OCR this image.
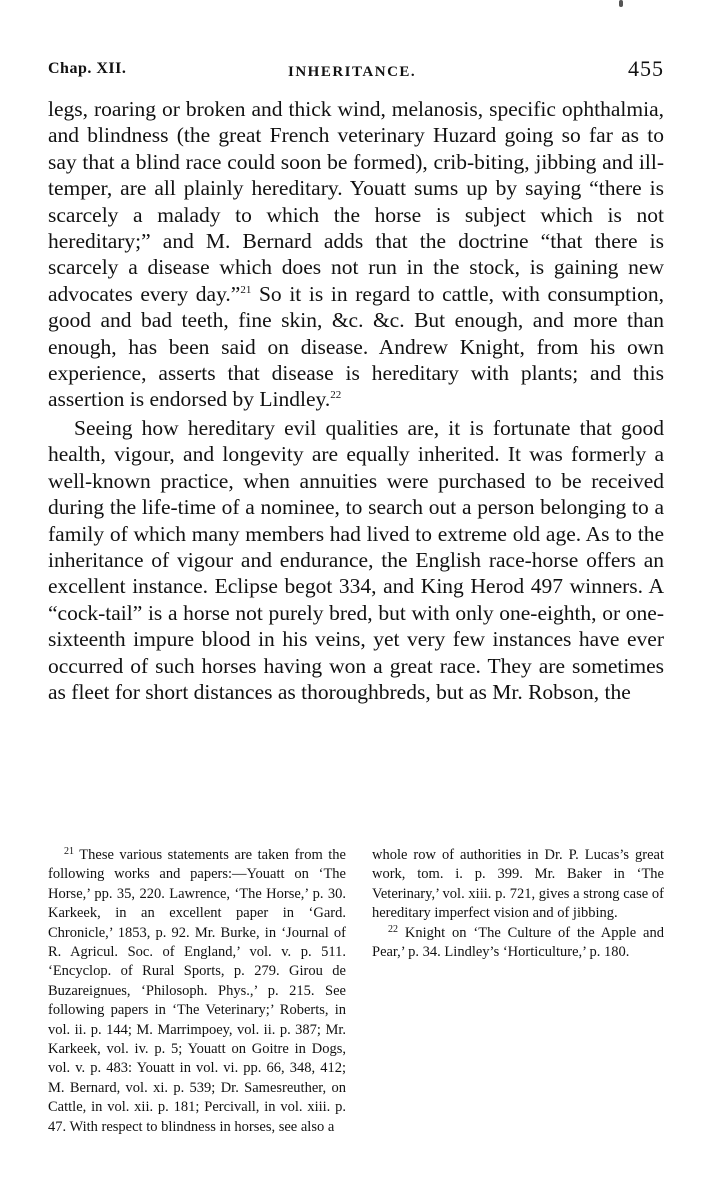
Chap. XII.	INHERITANCE.	455

legs, roaring or broken and thick wind, melanosis, specific ophthalmia, and blindness (the great French veterinary Huzard going so far as to say that a blind race could soon be formed), crib-biting, jibbing and ill-temper, are all plainly hereditary. Youatt sums up by saying “there is scarcely a malady to which the horse is subject which is not hereditary;” and M. Bernard adds that the doctrine “that there is scarcely a disease which does not run in the stock, is gaining new advocates every day.”$^{21}$ So it is in regard to cattle, with consumption, good and bad teeth, fine skin, &c. &c. But enough, and more than enough, has been said on disease. Andrew Knight, from his own experience, asserts that disease is hereditary with plants; and this assertion is endorsed by Lindley.$^{22}$

Seeing how hereditary evil qualities are, it is fortunate that good health, vigour, and longevity are equally inherited. It was formerly a well-known practice, when annuities were purchased to be received during the life-time of a nominee, to search out a person belonging to a family of which many members had lived to extreme old age. As to the inheritance of vigour and endurance, the English race-horse offers an excellent instance. Eclipse begot 334, and King Herod 497 winners. A “cock-tail” is a horse not purely bred, but with only one-eighth, or one-sixteenth impure blood in his veins, yet very few instances have ever occurred of such horses having won a great race. They are sometimes as fleet for short distances as thoroughbreds, but as Mr. Robson, the

$^{21}$ These various statements are taken from the following works and papers:—Youatt on ‘The Horse,’ pp. 35, 220. Lawrence, ‘The Horse,’ p. 30. Karkeek, in an excellent paper in ‘Gard. Chronicle,’ 1853, p. 92. Mr. Burke, in ‘Journal of R. Agricul. Soc. of England,’ vol. v. p. 511. ‘Encyclop. of Rural Sports, p. 279. Girou de Buzareignues, ‘Philosoph. Phys.,’ p. 215. See following papers in ‘The Veterinary;’ Roberts, in vol. ii. p. 144; M. Marrimpoey, vol. ii. p. 387; Mr. Karkeek, vol. iv. p. 5; Youatt on Goitre in Dogs, vol. v. p. 483: Youatt in vol. vi. pp. 66, 348, 412; M. Bernard, vol. xi. p. 539; Dr. Samesreuther, on Cattle, in vol. xii. p. 181; Percivall, in vol. xiii. p. 47. With respect to blindness in horses, see also a

whole row of authorities in Dr. P. Lucas’s great work, tom. i. p. 399. Mr. Baker in ‘The Veterinary,’ vol. xiii. p. 721, gives a strong case of hereditary imperfect vision and of jibbing.

$^{22}$ Knight on ‘The Culture of the Apple and Pear,’ p. 34. Lindley’s ‘Horticulture,’ p. 180.
